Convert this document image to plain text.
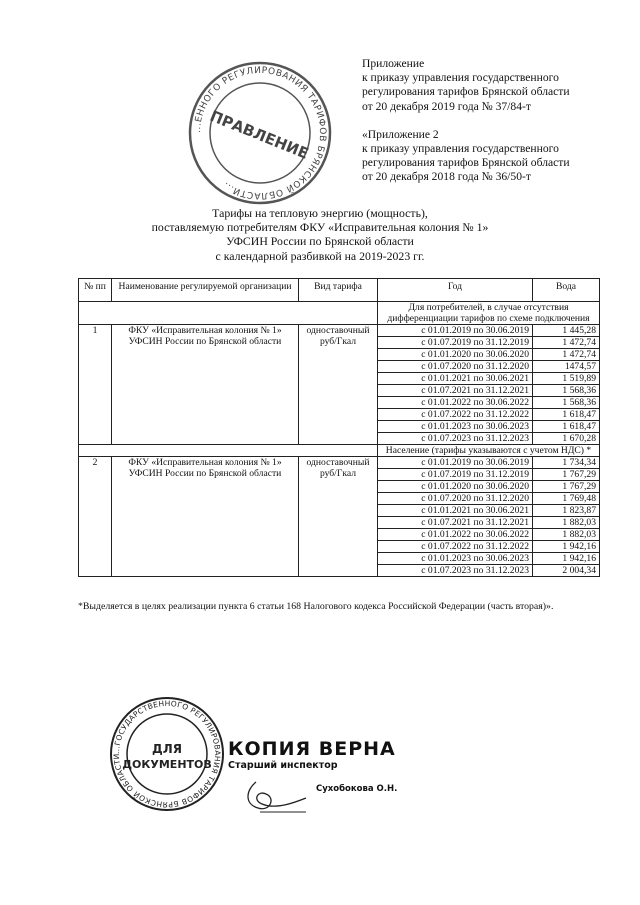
Приложение
к приказу управления государственного
регулирования тарифов Брянской области
от 20 декабря 2019 года № 37/84-т
«Приложение 2
к приказу управления государственного
регулирования тарифов Брянской области
от 20 декабря 2018 года № 36/50-т
...ЕННОГО РЕГУЛИРОВАНИЯ ТАРИФОВ БРЯНСКОЙ ОБЛАСТИ...
ПРАВЛЕНИЕ
Тарифы на тепловую энергию (мощность),
поставляемую потребителям ФКУ «Исправительная колония № 1»
УФСИН России по Брянской области
с календарной разбивкой на 2019-2023 гг.
№ пп	Наименование регулируемой организации	Вид тарифа	Год	Вода
			Для потребителей, в случае отсутствия дифференциации тарифов по схеме подключения	
1	ФКУ «Исправительная колония № 1» УФСИН России по Брянской области	одноставочный руб/Гкал	с 01.01.2019 по 30.06.2019	1 445,28
			с 01.07.2019 по 31.12.2019	1 472,74
			с 01.01.2020 по 30.06.2020	1 472,74
			с 01.07.2020 по 31.12.2020	1474,57
			с 01.01.2021 по 30.06.2021	1 519,89
			с 01.07.2021 по 31.12.2021	1 568,36
			с 01.01.2022 по 30.06.2022	1 568,36
			с 01.07.2022 по 31.12.2022	1 618,47
			с 01.01.2023 по 30.06.2023	1 618,47
			с 01.07.2023 по 31.12.2023	1 670,28
			Население (тарифы указываются с учетом НДС) *	
2	ФКУ «Исправительная колония № 1» УФСИН России по Брянской области	одноставочный руб/Гкал	с 01.01.2019 по 30.06.2019	1 734,34
			с 01.07.2019 по 31.12.2019	1 767,29
			с 01.01.2020 по 30.06.2020	1 767,29
			с 01.07.2020 по 31.12.2020	1 769,48
			с 01.01.2021 по 30.06.2021	1 823,87
			с 01.07.2021 по 31.12.2021	1 882,03
			с 01.01.2022 по 30.06.2022	1 882,03
			с 01.07.2022 по 31.12.2022	1 942,16
			с 01.01.2023 по 30.06.2023	1 942,16
			с 01.07.2023 по 31.12.2023	2 004,34
*Выделяется в целях реализации пункта 6 статьи 168 Налогового кодекса Российской Федерации (часть вторая)».
...ГОСУДАРСТВЕННОГО РЕГУЛИРОВАНИЯ ТАРИФОВ БРЯНСКОЙ ОБЛАСТИ
ДЛЯ
ДОКУМЕНТОВ
КОПИЯ ВЕРНА
Старший инспектор
Сухобокова О.Н.
